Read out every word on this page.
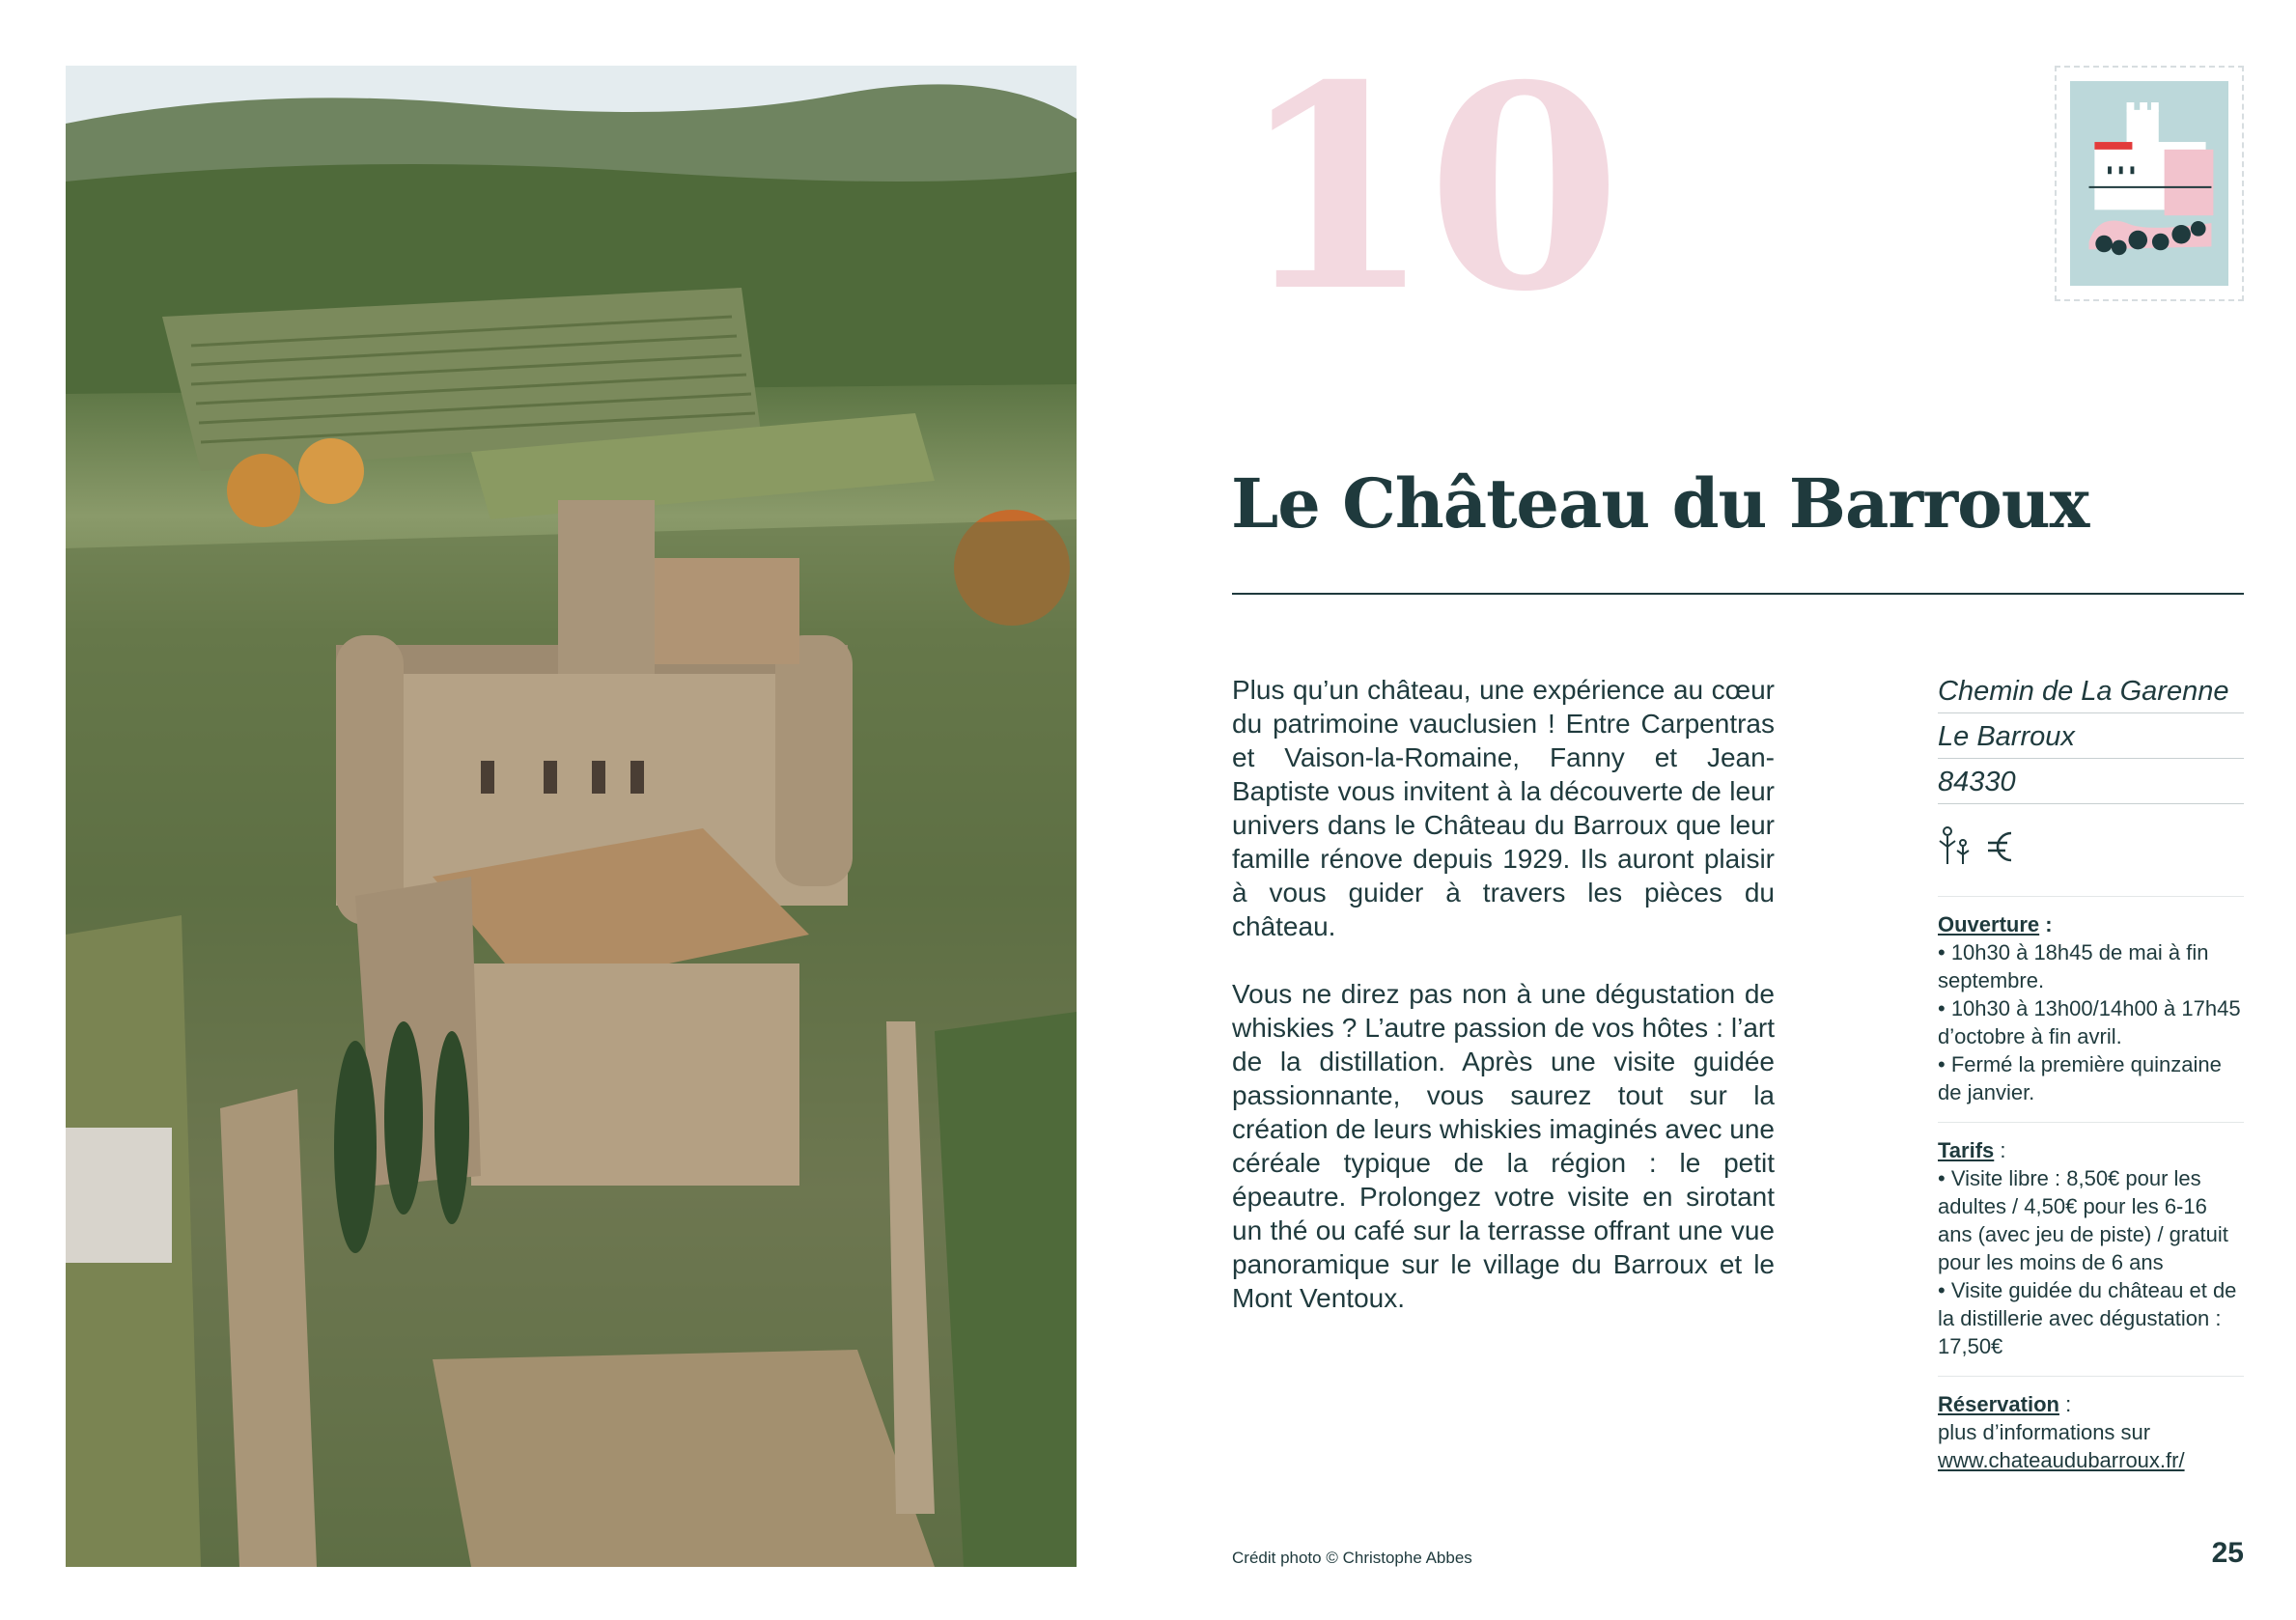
10
Le Château du Barroux

Plus qu’un château, une expérience au cœur du patrimoine vauclusien ! Entre Carpentras et Vaison-la-Romaine, Fanny et Jean-Baptiste vous invitent à la découverte de leur univers dans le Château du Barroux que leur famille rénove depuis 1929. Ils auront plaisir à vous guider à travers les pièces du château.

Vous ne direz pas non à une dégustation de whiskies ? L’autre passion de vos hôtes : l’art de la distillation. Après une visite guidée passionnante, vous saurez tout sur la création de leurs whiskies imaginés avec une céréale typique de la région : le petit épeautre. Prolongez votre visite en sirotant un thé ou café sur la terrasse offrant une vue panoramique sur le village du Barroux et le Mont Ventoux.

Chemin de La Garenne
Le Barroux
84330
Ouverture :
• 10h30 à 18h45 de mai à fin septembre.
• 10h30 à 13h00/14h00 à 17h45 d’octobre à fin avril.
• Fermé la première quinzaine de janvier.
Tarifs :
• Visite libre : 8,50€ pour les adultes / 4,50€ pour les 6-16 ans (avec jeu de piste) / gratuit pour les moins de 6 ans
• Visite guidée du château et de la distillerie avec dégustation : 17,50€
Réservation :
plus d’informations sur
www.chateaudubarroux.fr/
Crédit photo © Christophe Abbes	25
